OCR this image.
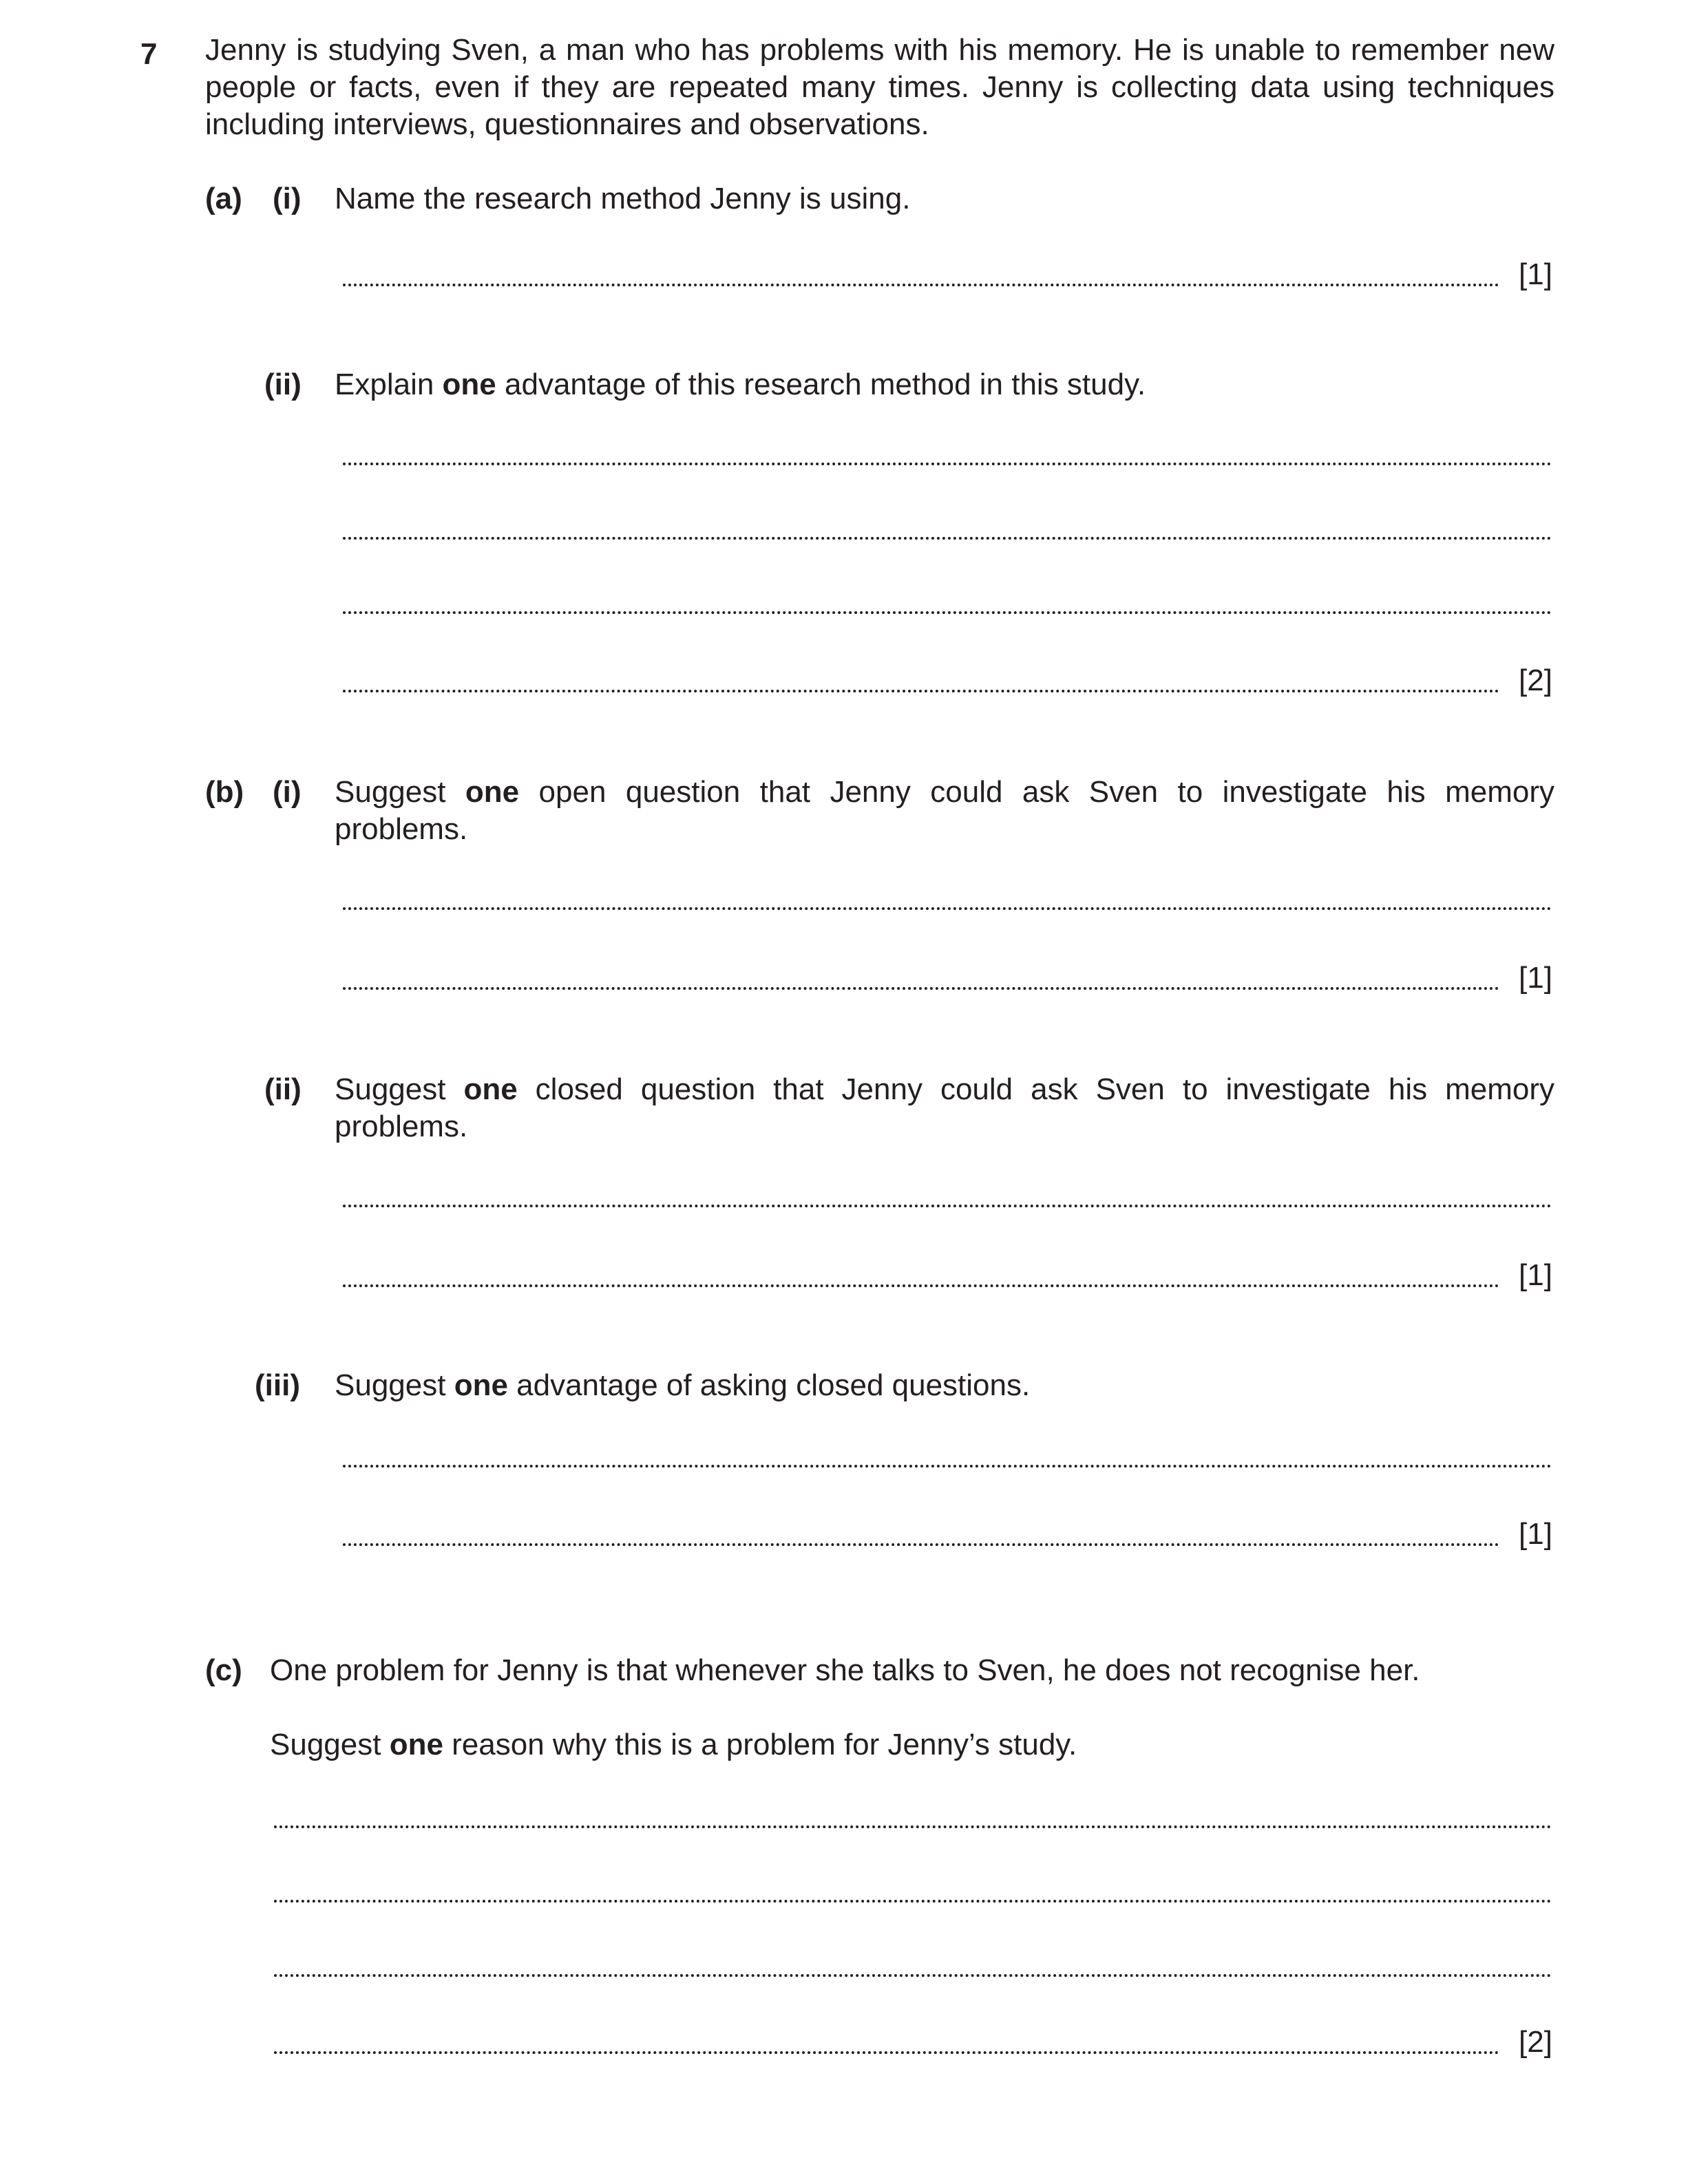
7 Jenny is studying Sven, a man who has problems with his memory. He is unable to remember new people or facts, even if they are repeated many times. Jenny is collecting data using techniques including interviews, questionnaires and observations.
(a) (i) Name the research method Jenny is using.
[1]
(ii) Explain one advantage of this research method in this study.
[2]
(b) (i) Suggest one open question that Jenny could ask Sven to investigate his memory problems.
[1]
(ii) Suggest one closed question that Jenny could ask Sven to investigate his memory problems.
[1]
(iii) Suggest one advantage of asking closed questions.
[1]
(c) One problem for Jenny is that whenever she talks to Sven, he does not recognise her.
Suggest one reason why this is a problem for Jenny’s study.
[2]
